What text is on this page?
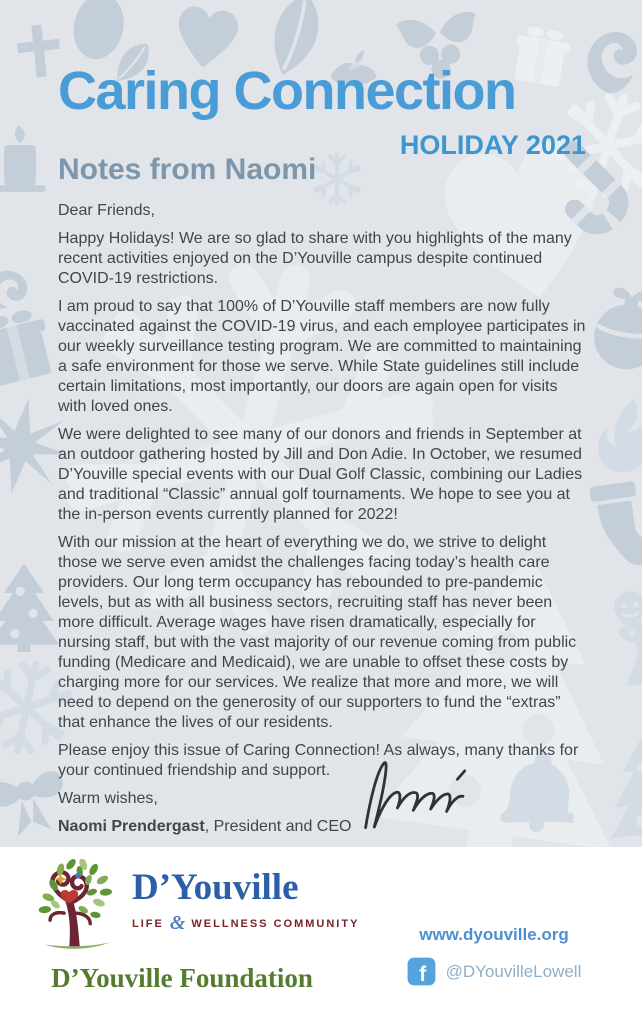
Caring Connection
HOLIDAY 2021
Notes from Naomi

Dear Friends,

Happy Holidays! We are so glad to share with you highlights of the many recent activities enjoyed on the D’Youville campus despite continued COVID-19 restrictions.

I am proud to say that 100% of D’Youville staff members are now fully vaccinated against the COVID-19 virus, and each employee participates in our weekly surveillance testing program. We are committed to maintaining a safe environment for those we serve. While State guidelines still include certain limitations, most importantly, our doors are again open for visits with loved ones.

We were delighted to see many of our donors and friends in September at an outdoor gathering hosted by Jill and Don Adie. In October, we resumed D’Youville special events with our Dual Golf Classic, combining our Ladies and traditional “Classic” annual golf tournaments. We hope to see you at the in-person events currently planned for 2022!

With our mission at the heart of everything we do, we strive to delight those we serve even amidst the challenges facing today’s health care providers. Our long term occupancy has rebounded to pre-pandemic levels, but as with all business sectors, recruiting staff has never been more difficult. Average wages have risen dramatically, especially for nursing staff, but with the vast majority of our revenue coming from public funding (Medicare and Medicaid), we are unable to offset these costs by charging more for our services. We realize that more and more, we will need to depend on the generosity of our supporters to fund the “extras” that enhance the lives of our residents.

Please enjoy this issue of Caring Connection! As always, many thanks for your continued friendship and support.

Warm wishes,

Naomi Prendergast, President and CEO

D’Youville
LIFE & WELLNESS COMMUNITY
D’Youville Foundation
www.dyouville.org
f @DYouvilleLowell
